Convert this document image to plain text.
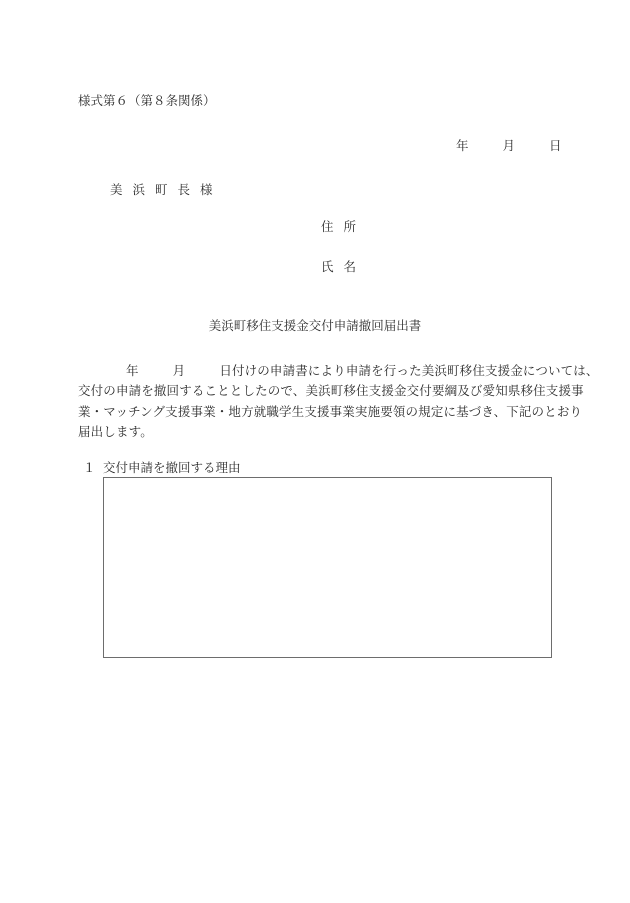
様式第６（第８条関係）
年	月	日
美浜町長様
住所
氏名
美浜町移住支援金交付申請撤回届出書
年	月	日付けの申請書により申請を行った美浜町移住支援金については、
交付の申請を撤回することとしたので、美浜町移住支援金交付要綱及び愛知県移住支援事
業・マッチング支援事業・地方就職学生支援事業実施要領の規定に基づき、下記のとおり
届出します。
１ 交付申請を撤回する理由
